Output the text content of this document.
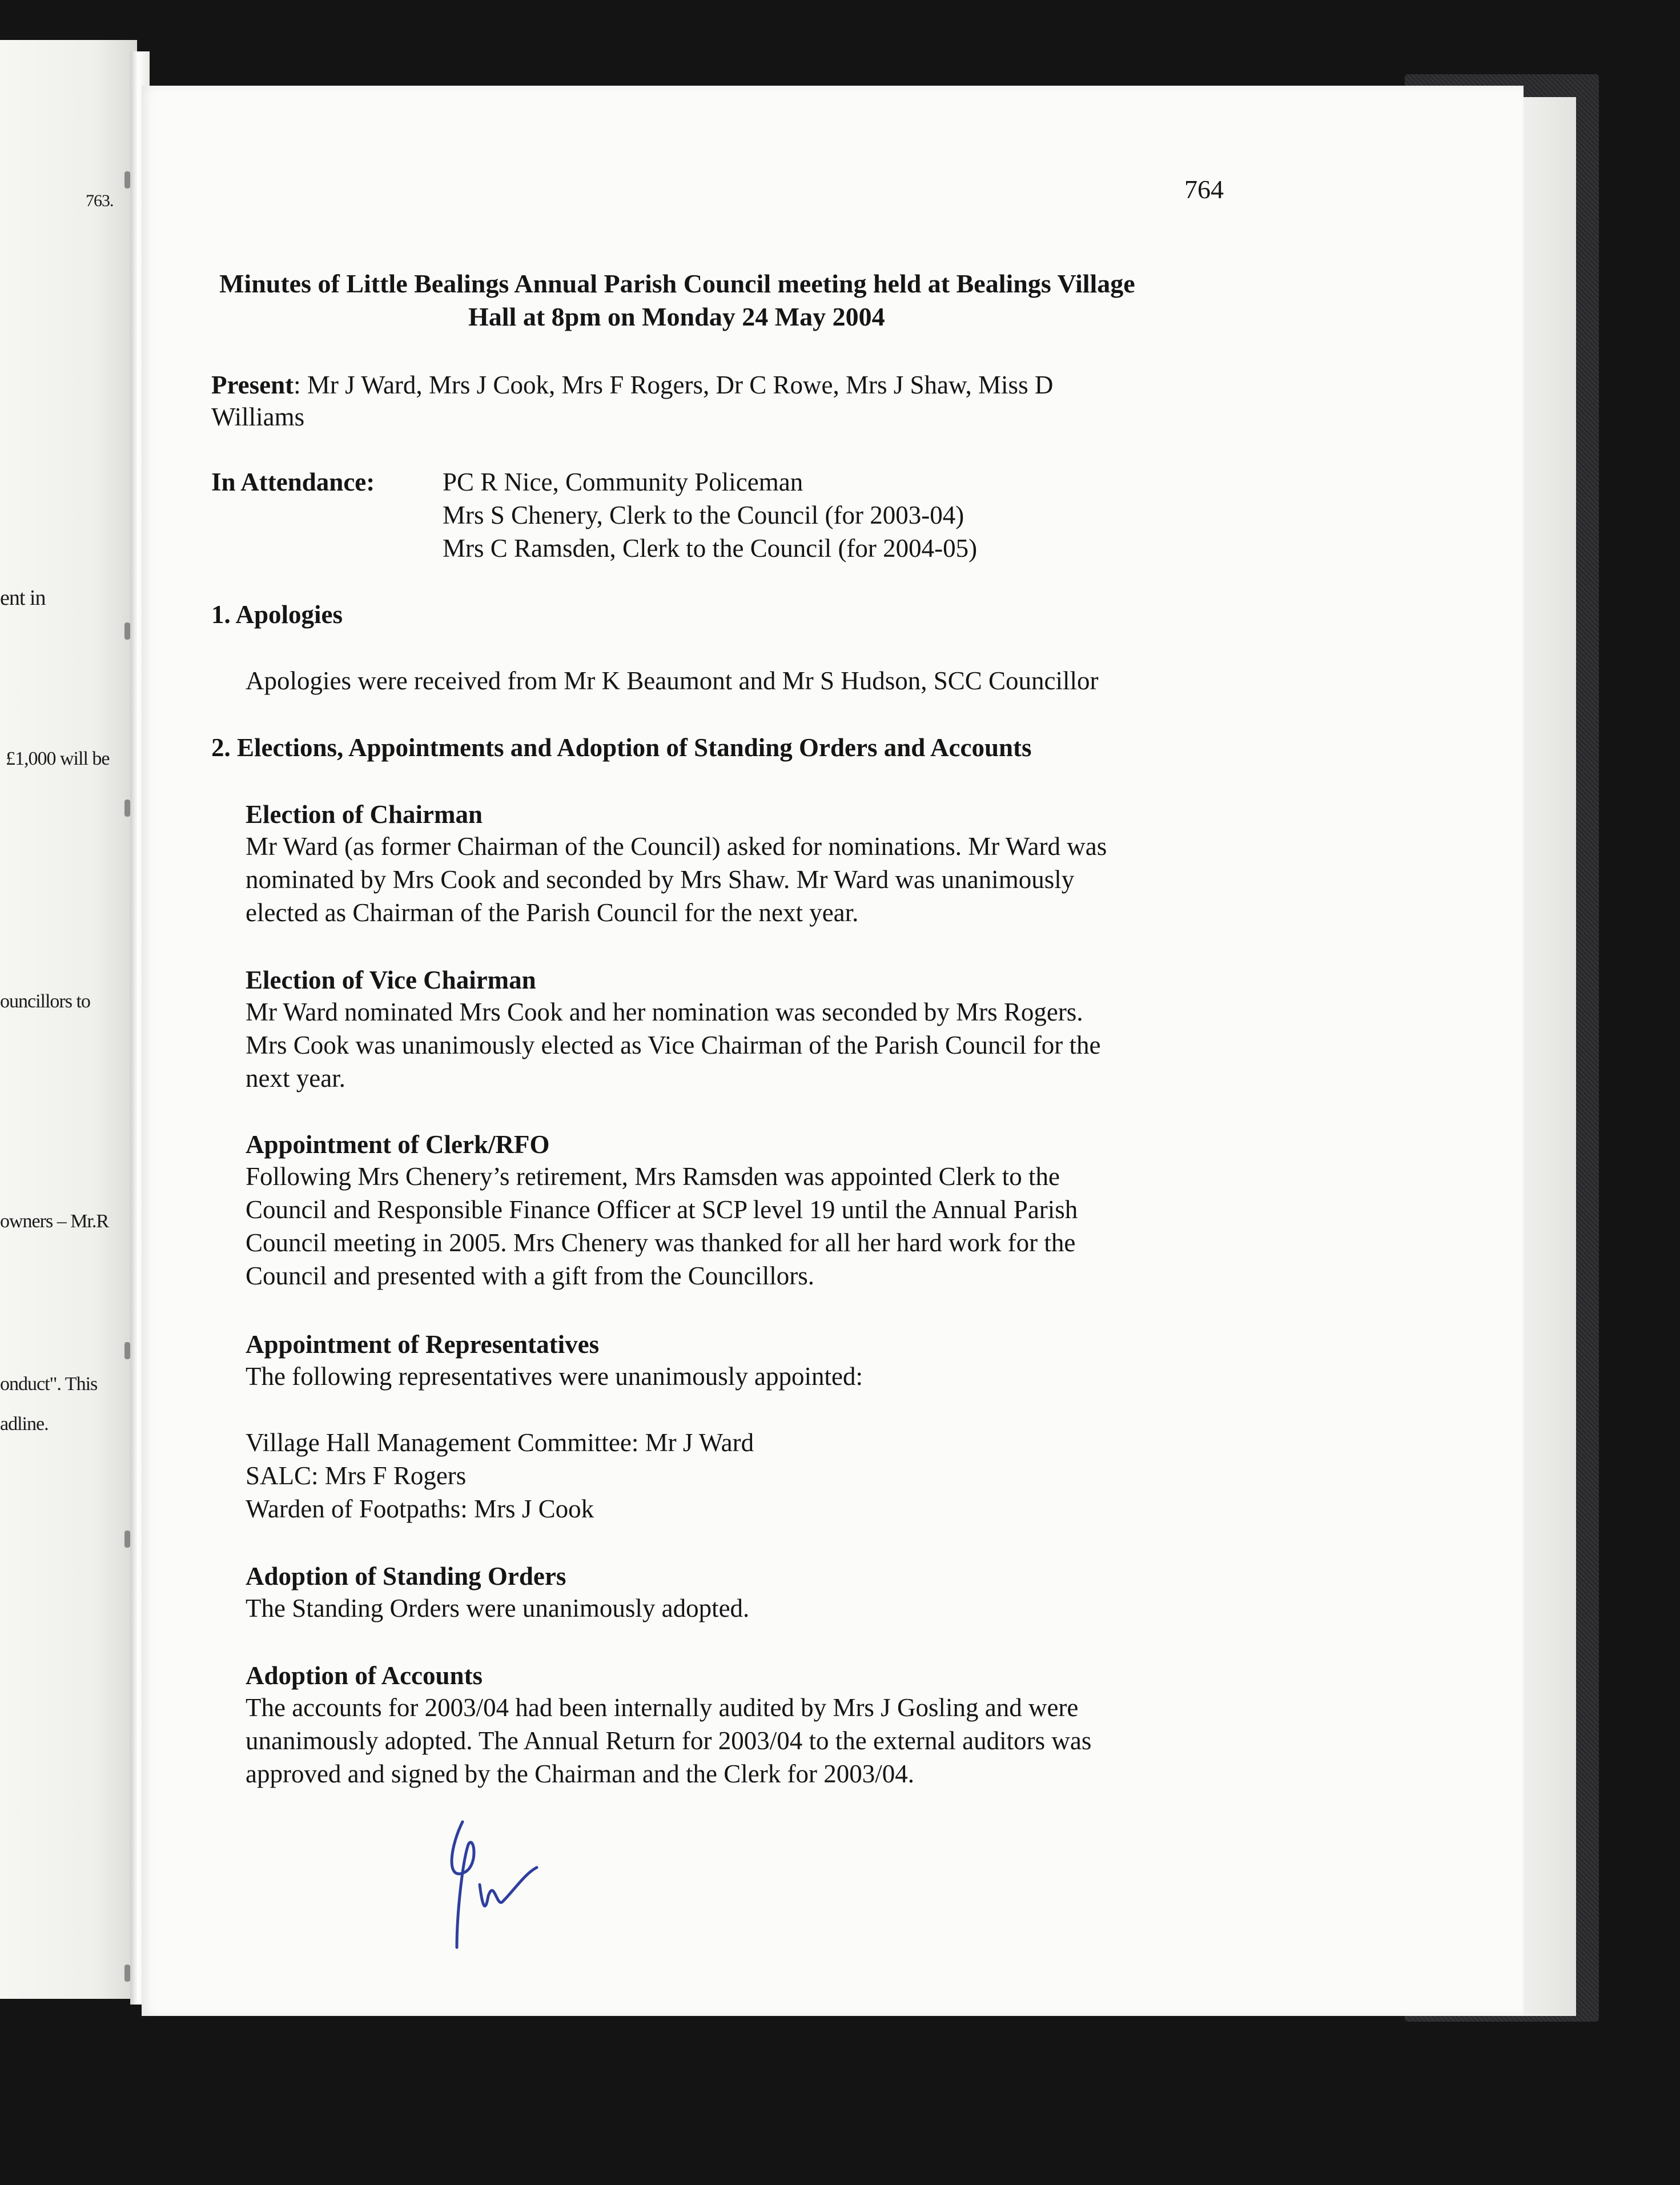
763.
ent in
£1,000 will be
ouncillors to
owners – Mr.R
onduct". This
adline.

764
Minutes of Little Bealings Annual Parish Council meeting held at Bealings Village
Hall at 8pm on Monday 24 May 2004
Present: Mr J Ward, Mrs J Cook, Mrs F Rogers, Dr C Rowe, Mrs J Shaw, Miss D
Williams
In Attendance:	PC R Nice, Community Policeman
Mrs S Chenery, Clerk to the Council (for 2003-04)
Mrs C Ramsden, Clerk to the Council (for 2004-05)
1. Apologies
Apologies were received from Mr K Beaumont and Mr S Hudson, SCC Councillor
2. Elections, Appointments and Adoption of Standing Orders and Accounts
Election of Chairman
Mr Ward (as former Chairman of the Council) asked for nominations. Mr Ward was
nominated by Mrs Cook and seconded by Mrs Shaw. Mr Ward was unanimously
elected as Chairman of the Parish Council for the next year.
Election of Vice Chairman
Mr Ward nominated Mrs Cook and her nomination was seconded by Mrs Rogers.
Mrs Cook was unanimously elected as Vice Chairman of the Parish Council for the
next year.
Appointment of Clerk/RFO
Following Mrs Chenery’s retirement, Mrs Ramsden was appointed Clerk to the
Council and Responsible Finance Officer at SCP level 19 until the Annual Parish
Council meeting in 2005. Mrs Chenery was thanked for all her hard work for the
Council and presented with a gift from the Councillors.
Appointment of Representatives
The following representatives were unanimously appointed:
Village Hall Management Committee: Mr J Ward
SALC: Mrs F Rogers
Warden of Footpaths: Mrs J Cook
Adoption of Standing Orders
The Standing Orders were unanimously adopted.
Adoption of Accounts
The accounts for 2003/04 had been internally audited by Mrs J Gosling and were
unanimously adopted. The Annual Return for 2003/04 to the external auditors was
approved and signed by the Chairman and the Clerk for 2003/04.
